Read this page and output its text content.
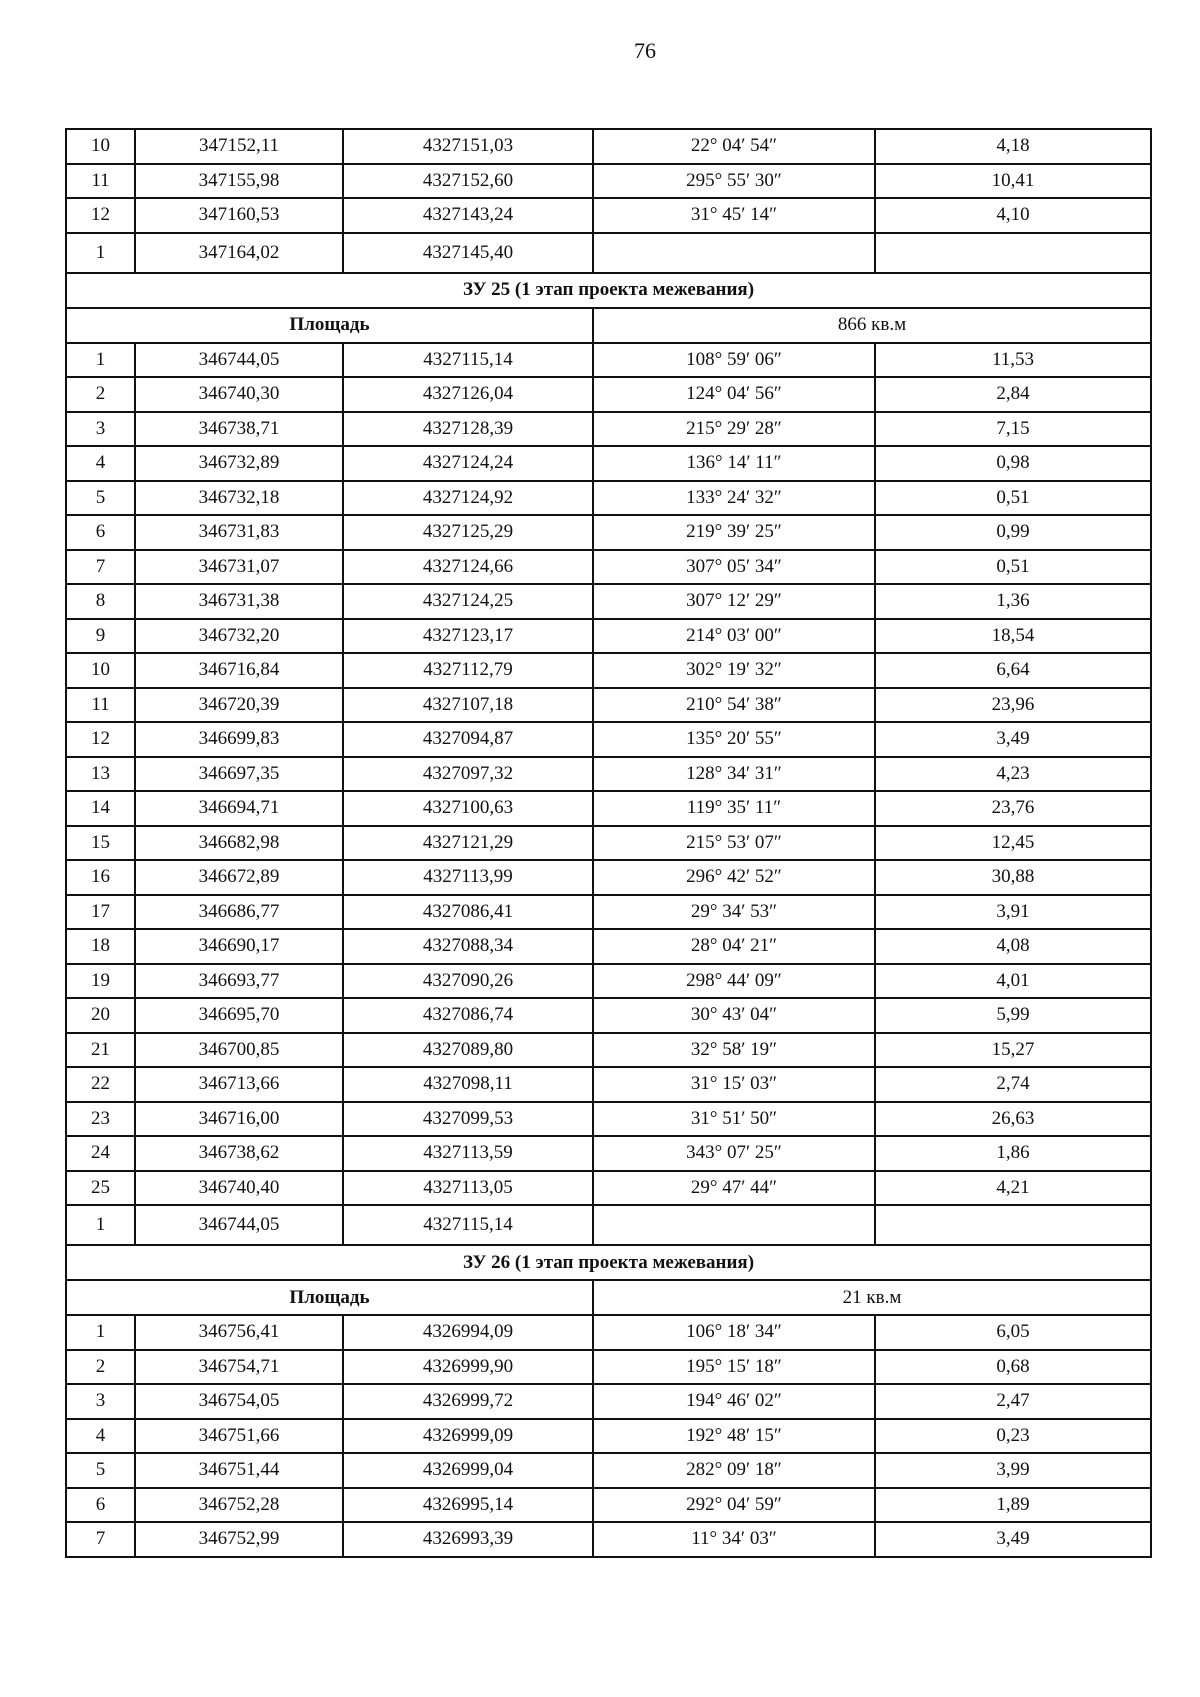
76
10	347152,11	4327151,03	22° 04′ 54″	4,18
11	347155,98	4327152,60	295° 55′ 30″	10,41
12	347160,53	4327143,24	31° 45′ 14″	4,10
1	347164,02	4327145,40		
ЗУ 25 (1 этап проекта межевания)				
Площадь			866 кв.м	
1	346744,05	4327115,14	108° 59′ 06″	11,53
2	346740,30	4327126,04	124° 04′ 56″	2,84
3	346738,71	4327128,39	215° 29′ 28″	7,15
4	346732,89	4327124,24	136° 14′ 11″	0,98
5	346732,18	4327124,92	133° 24′ 32″	0,51
6	346731,83	4327125,29	219° 39′ 25″	0,99
7	346731,07	4327124,66	307° 05′ 34″	0,51
8	346731,38	4327124,25	307° 12′ 29″	1,36
9	346732,20	4327123,17	214° 03′ 00″	18,54
10	346716,84	4327112,79	302° 19′ 32″	6,64
11	346720,39	4327107,18	210° 54′ 38″	23,96
12	346699,83	4327094,87	135° 20′ 55″	3,49
13	346697,35	4327097,32	128° 34′ 31″	4,23
14	346694,71	4327100,63	119° 35′ 11″	23,76
15	346682,98	4327121,29	215° 53′ 07″	12,45
16	346672,89	4327113,99	296° 42′ 52″	30,88
17	346686,77	4327086,41	29° 34′ 53″	3,91
18	346690,17	4327088,34	28° 04′ 21″	4,08
19	346693,77	4327090,26	298° 44′ 09″	4,01
20	346695,70	4327086,74	30° 43′ 04″	5,99
21	346700,85	4327089,80	32° 58′ 19″	15,27
22	346713,66	4327098,11	31° 15′ 03″	2,74
23	346716,00	4327099,53	31° 51′ 50″	26,63
24	346738,62	4327113,59	343° 07′ 25″	1,86
25	346740,40	4327113,05	29° 47′ 44″	4,21
1	346744,05	4327115,14		
ЗУ 26 (1 этап проекта межевания)				
Площадь			21 кв.м	
1	346756,41	4326994,09	106° 18′ 34″	6,05
2	346754,71	4326999,90	195° 15′ 18″	0,68
3	346754,05	4326999,72	194° 46′ 02″	2,47
4	346751,66	4326999,09	192° 48′ 15″	0,23
5	346751,44	4326999,04	282° 09′ 18″	3,99
6	346752,28	4326995,14	292° 04′ 59″	1,89
7	346752,99	4326993,39	11° 34′ 03″	3,49
